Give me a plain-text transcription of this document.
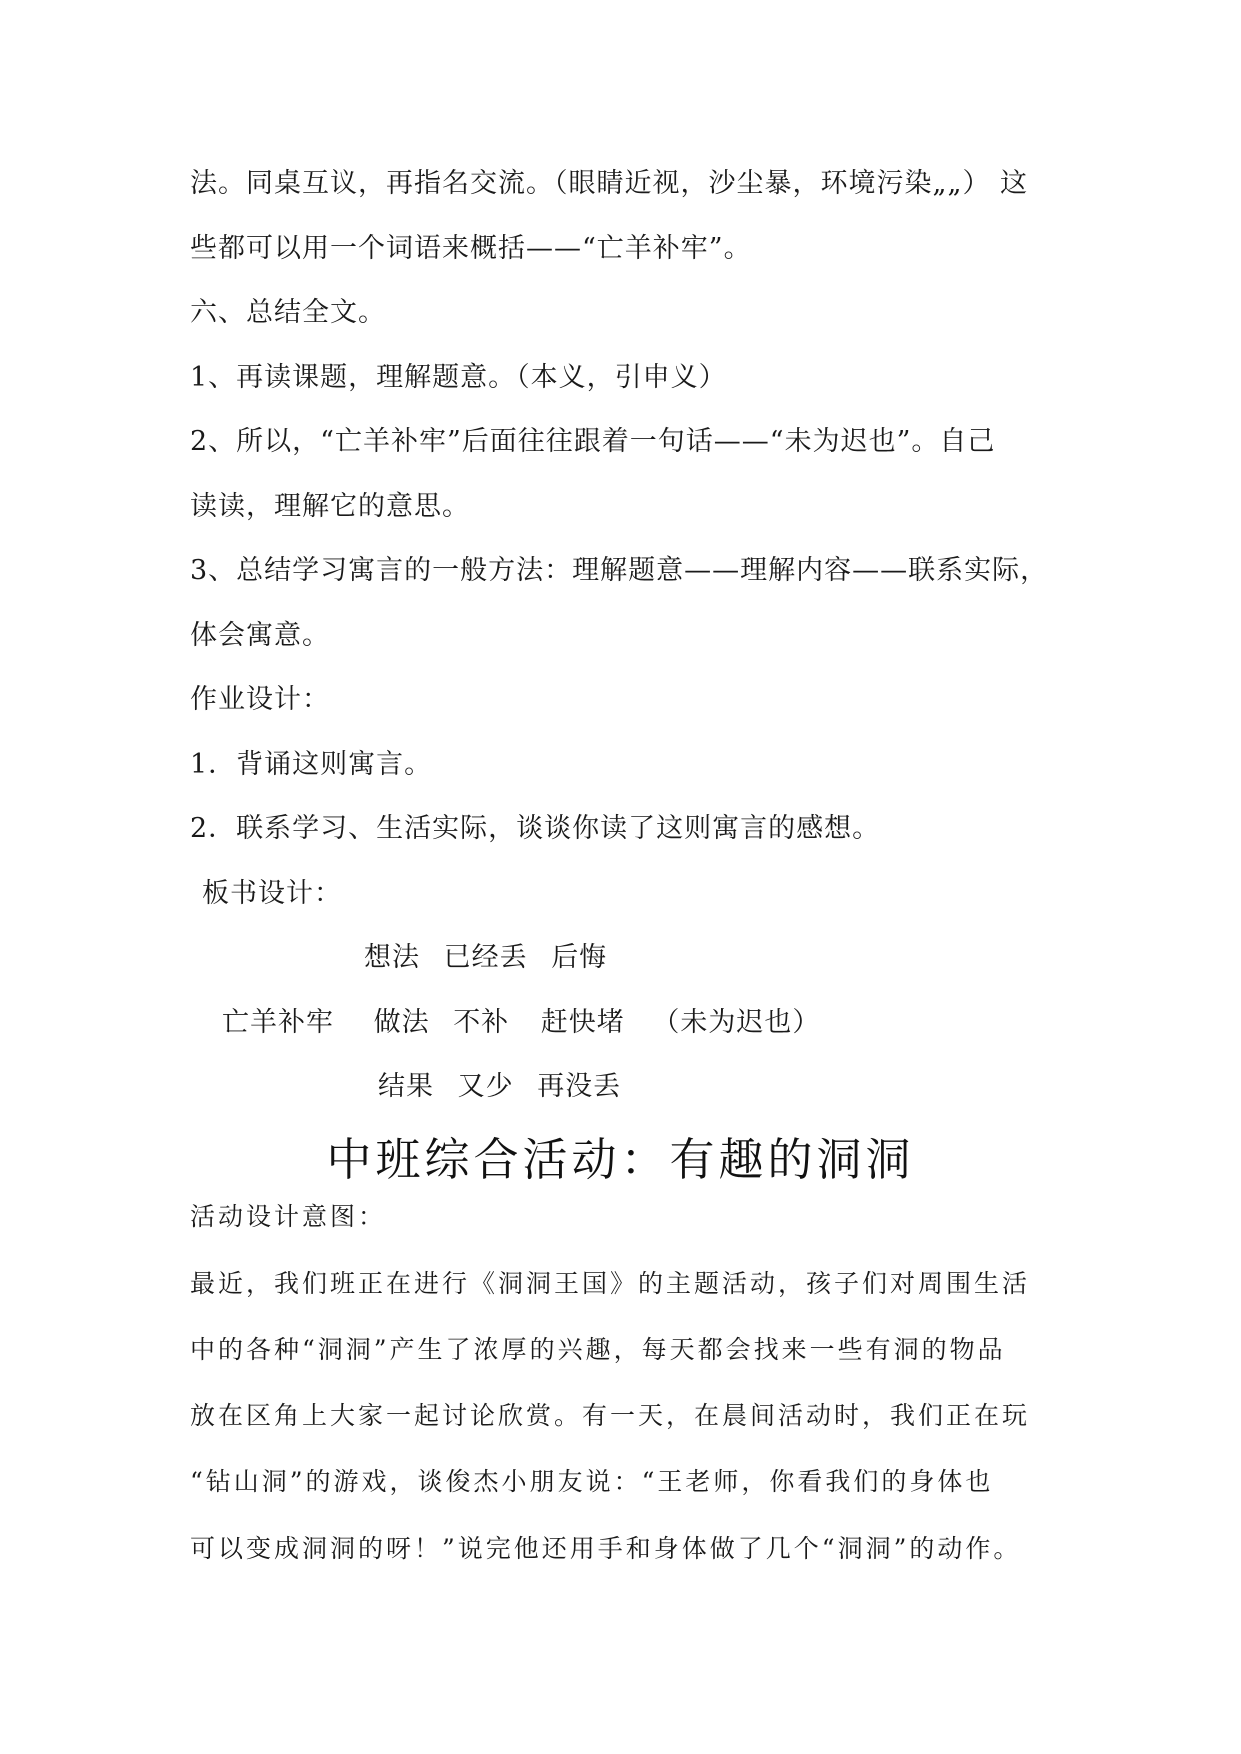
法。同桌互议，再指名交流。（眼睛近视，沙尘暴，环境污染„„） 这
些都可以用一个词语来概括——“亡羊补牢”。
六、总结全文。
1、再读课题，理解题意。（本义，引申义）
2、所以，“亡羊补牢”后面往往跟着一句话——“未为迟也”。自己
读读，理解它的意思。
3、总结学习寓言的一般方法：理解题意——理解内容——联系实际，
体会寓意。
作业设计：
1．背诵这则寓言。
2．联系学习、生活实际，谈谈你读了这则寓言的感想。
板书设计：
想法 已经丢 后悔
亡羊补牢 做法 不补 赶快堵 （未为迟也）
结果 又少 再没丢
中班综合活动：有趣的洞洞
活动设计意图：
最近，我们班正在进行《洞洞王国》的主题活动，孩子们对周围生活
中的各种“洞洞”产生了浓厚的兴趣，每天都会找来一些有洞的物品
放在区角上大家一起讨论欣赏。有一天，在晨间活动时，我们正在玩
“钻山洞”的游戏，谈俊杰小朋友说：“王老师，你看我们的身体也
可以变成洞洞的呀！”说完他还用手和身体做了几个“洞洞”的动作。
